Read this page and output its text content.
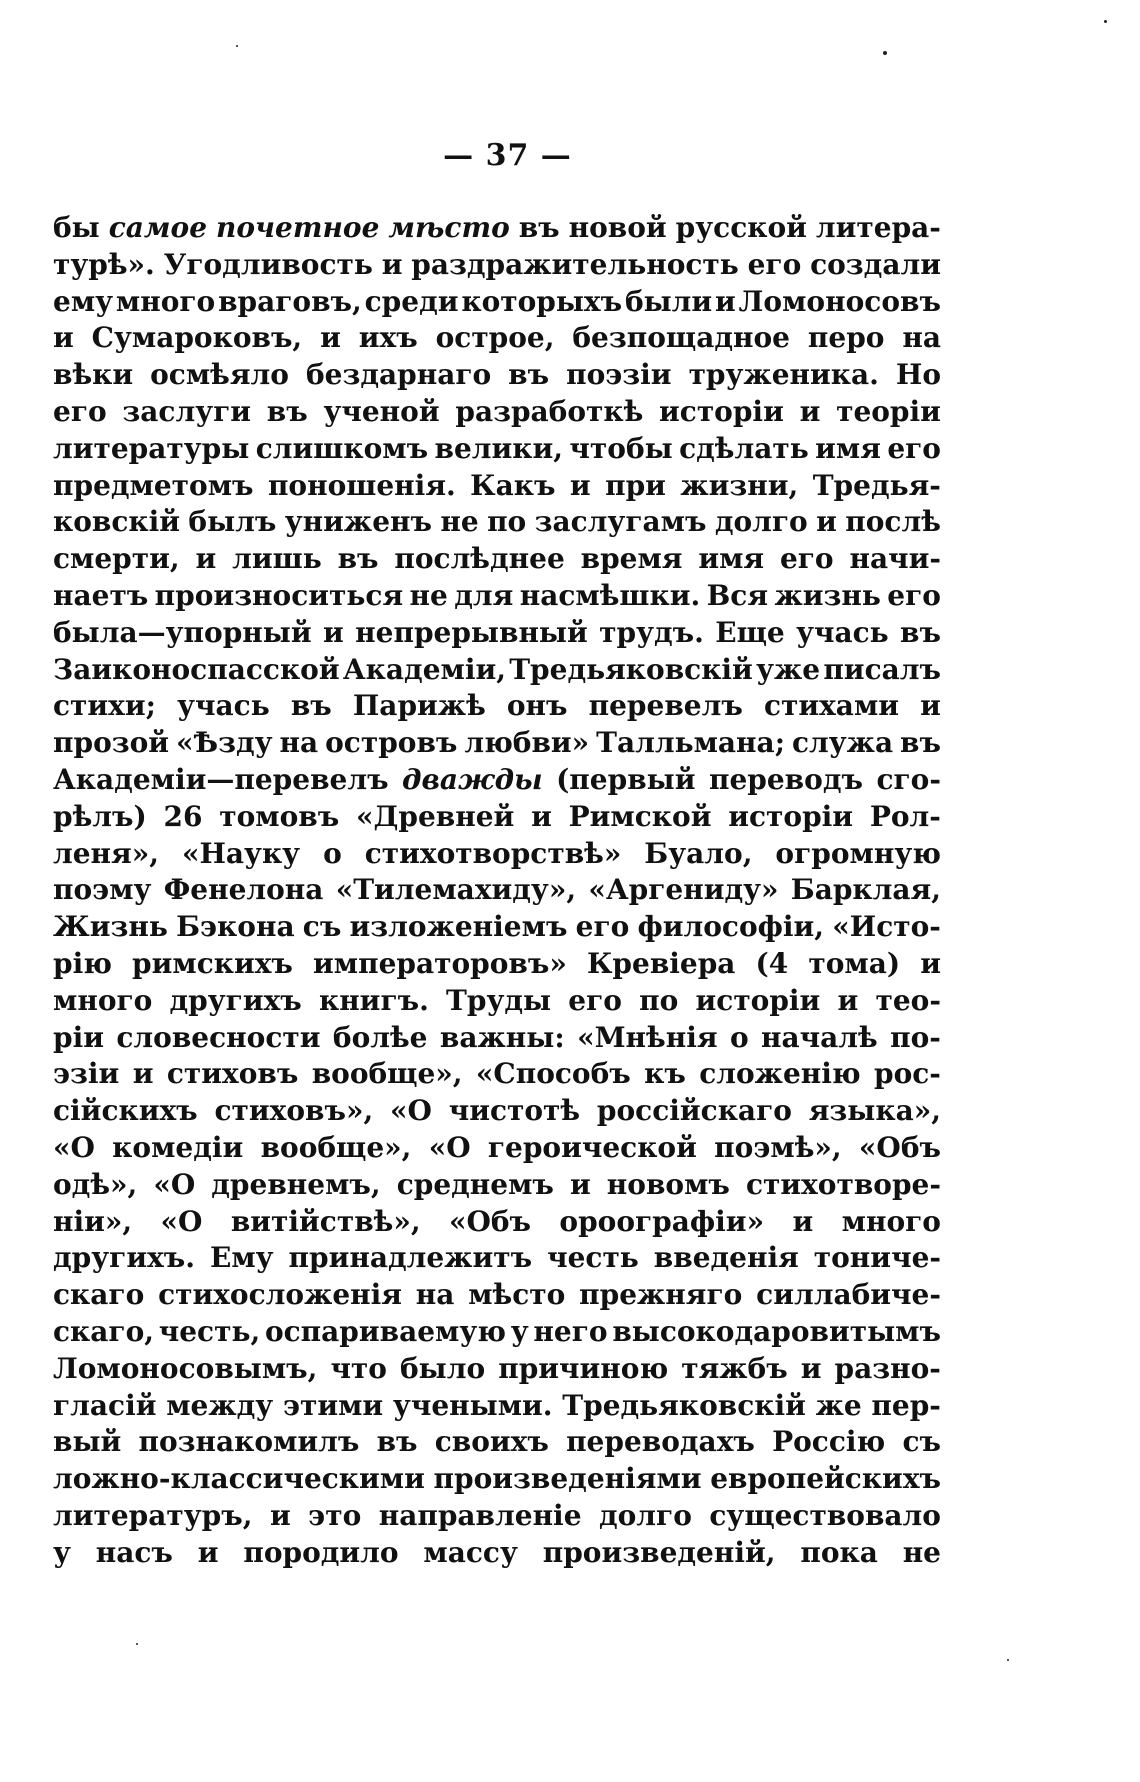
— 37 —
бы самое почетное мѣсто въ новой русской литера-
турѣ». Угодливость и раздражительность его создали
ему много враговъ, среди которыхъ были и Ломоносовъ
и Сумароковъ, и ихъ острое, безпощадное перо на
вѣки осмѣяло бездарнаго въ поэзіи труженика. Но
его заслуги въ ученой разработкѣ исторіи и теоріи
литературы слишкомъ велики, чтобы сдѣлать имя его
предметомъ поношенія. Какъ и при жизни, Тредья-
ковскій былъ униженъ не по заслугамъ долго и послѣ
смерти, и лишь въ послѣднее время имя его начи-
наетъ произноситься не для насмѣшки. Вся жизнь его
была—упорный и непрерывный трудъ. Еще учась въ
Заиконоспасской Академіи, Тредьяковскій уже писалъ
стихи; учась въ Парижѣ онъ перевелъ стихами и
прозой «Ѣзду на островъ любви» Талльмана; служа въ
Академіи—перевелъ дважды (первый переводъ сго-
рѣлъ) 26 томовъ «Древней и Римской исторіи Рол-
леня», «Науку о стихотворствѣ» Буало, огромную
поэму Фенелона «Тилемахиду», «Аргениду» Барклая,
Жизнь Бэкона съ изложеніемъ его философіи, «Исто-
рію римскихъ императоровъ» Кревіера (4 тома) и
много другихъ книгъ. Труды его по исторіи и тео-
ріи словесности болѣе важны: «Мнѣнія о началѣ по-
эзіи и стиховъ вообще», «Способъ къ сложенію рос-
сійскихъ стиховъ», «О чистотѣ россійскаго языка»,
«О комедіи вообще», «О героической поэмѣ», «Объ
одѣ», «О древнемъ, среднемъ и новомъ стихотворе-
ніи», «О витійствѣ», «Объ ороографіи» и много
другихъ. Ему принадлежитъ честь введенія тониче-
скаго стихосложенія на мѣсто прежняго силлабиче-
скаго, честь, оспариваемую у него высокодаровитымъ
Ломоносовымъ, что было причиною тяжбъ и разно-
гласій между этими учеными. Тредьяковскій же пер-
вый познакомилъ въ своихъ переводахъ Россію съ
ложно-классическими произведеніями европейскихъ
литературъ, и это направленіе долго существовало
у насъ и породило массу произведеній, пока не
